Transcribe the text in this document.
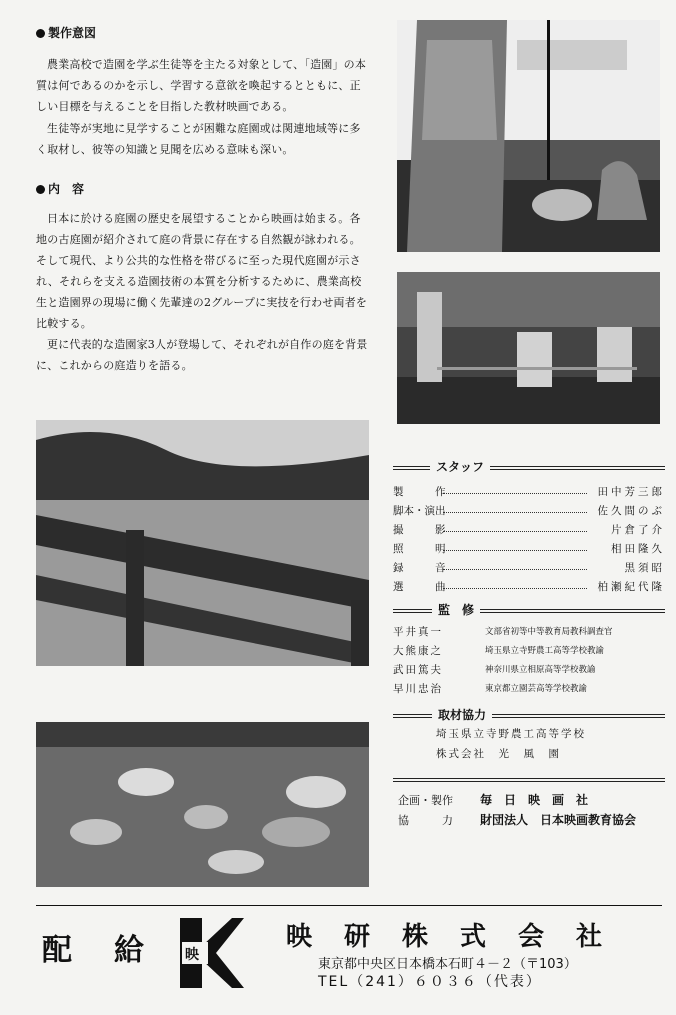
製作意図

農業高校で造園を学ぶ生徒等を主たる対象として、「造園」の本質は何であるのかを示し、学習する意欲を喚起するとともに、正しい目標を与えることを目指した教材映画である。

生徒等が実地に見学することが困難な庭園或は関連地域等に多く取材し、彼等の知識と見聞を広める意味も深い。

内　容

日本に於ける庭園の歴史を展望することから映画は始まる。各地の古庭園が紹介されて庭の背景に存在する自然観が詠われる。そして現代、より公共的な性格を帯びるに至った現代庭園が示され、それらを支える造園技術の本質を分析するために、農業高校生と造園界の現場に働く先輩達の2グループに実技を行わせ両者を比較する。

更に代表的な造園家3人が登場して、それぞれが自作の庭を背景に、これからの庭造りを語る。

スタッフ
製　　　作	田中芳三郎
脚本・演出	佐久間のぶ
撮　　　影	片倉了介
照　　　明	相田隆久
録　　　音	黒須昭
選　　　曲	柏瀬紀代隆
監　修
平井真一	文部省初等中等教育局教科調査官
大熊康之	埼玉県立寺野農工高等学校教諭
武田篤夫	神奈川県立相原高等学校教諭
早川忠治	東京都立園芸高等学校教諭
取材協力
埼玉県立寺野農工高等学校
株式会社　光　風　園
企画・製作 毎　日　映　画　社
協　　　力 財団法人　日本映画教育協会
配　給	映
映　研　株　式　会　社
東京都中央区日本橋本石町４－２（〒103）
TEL（241）６０３６（代表）
